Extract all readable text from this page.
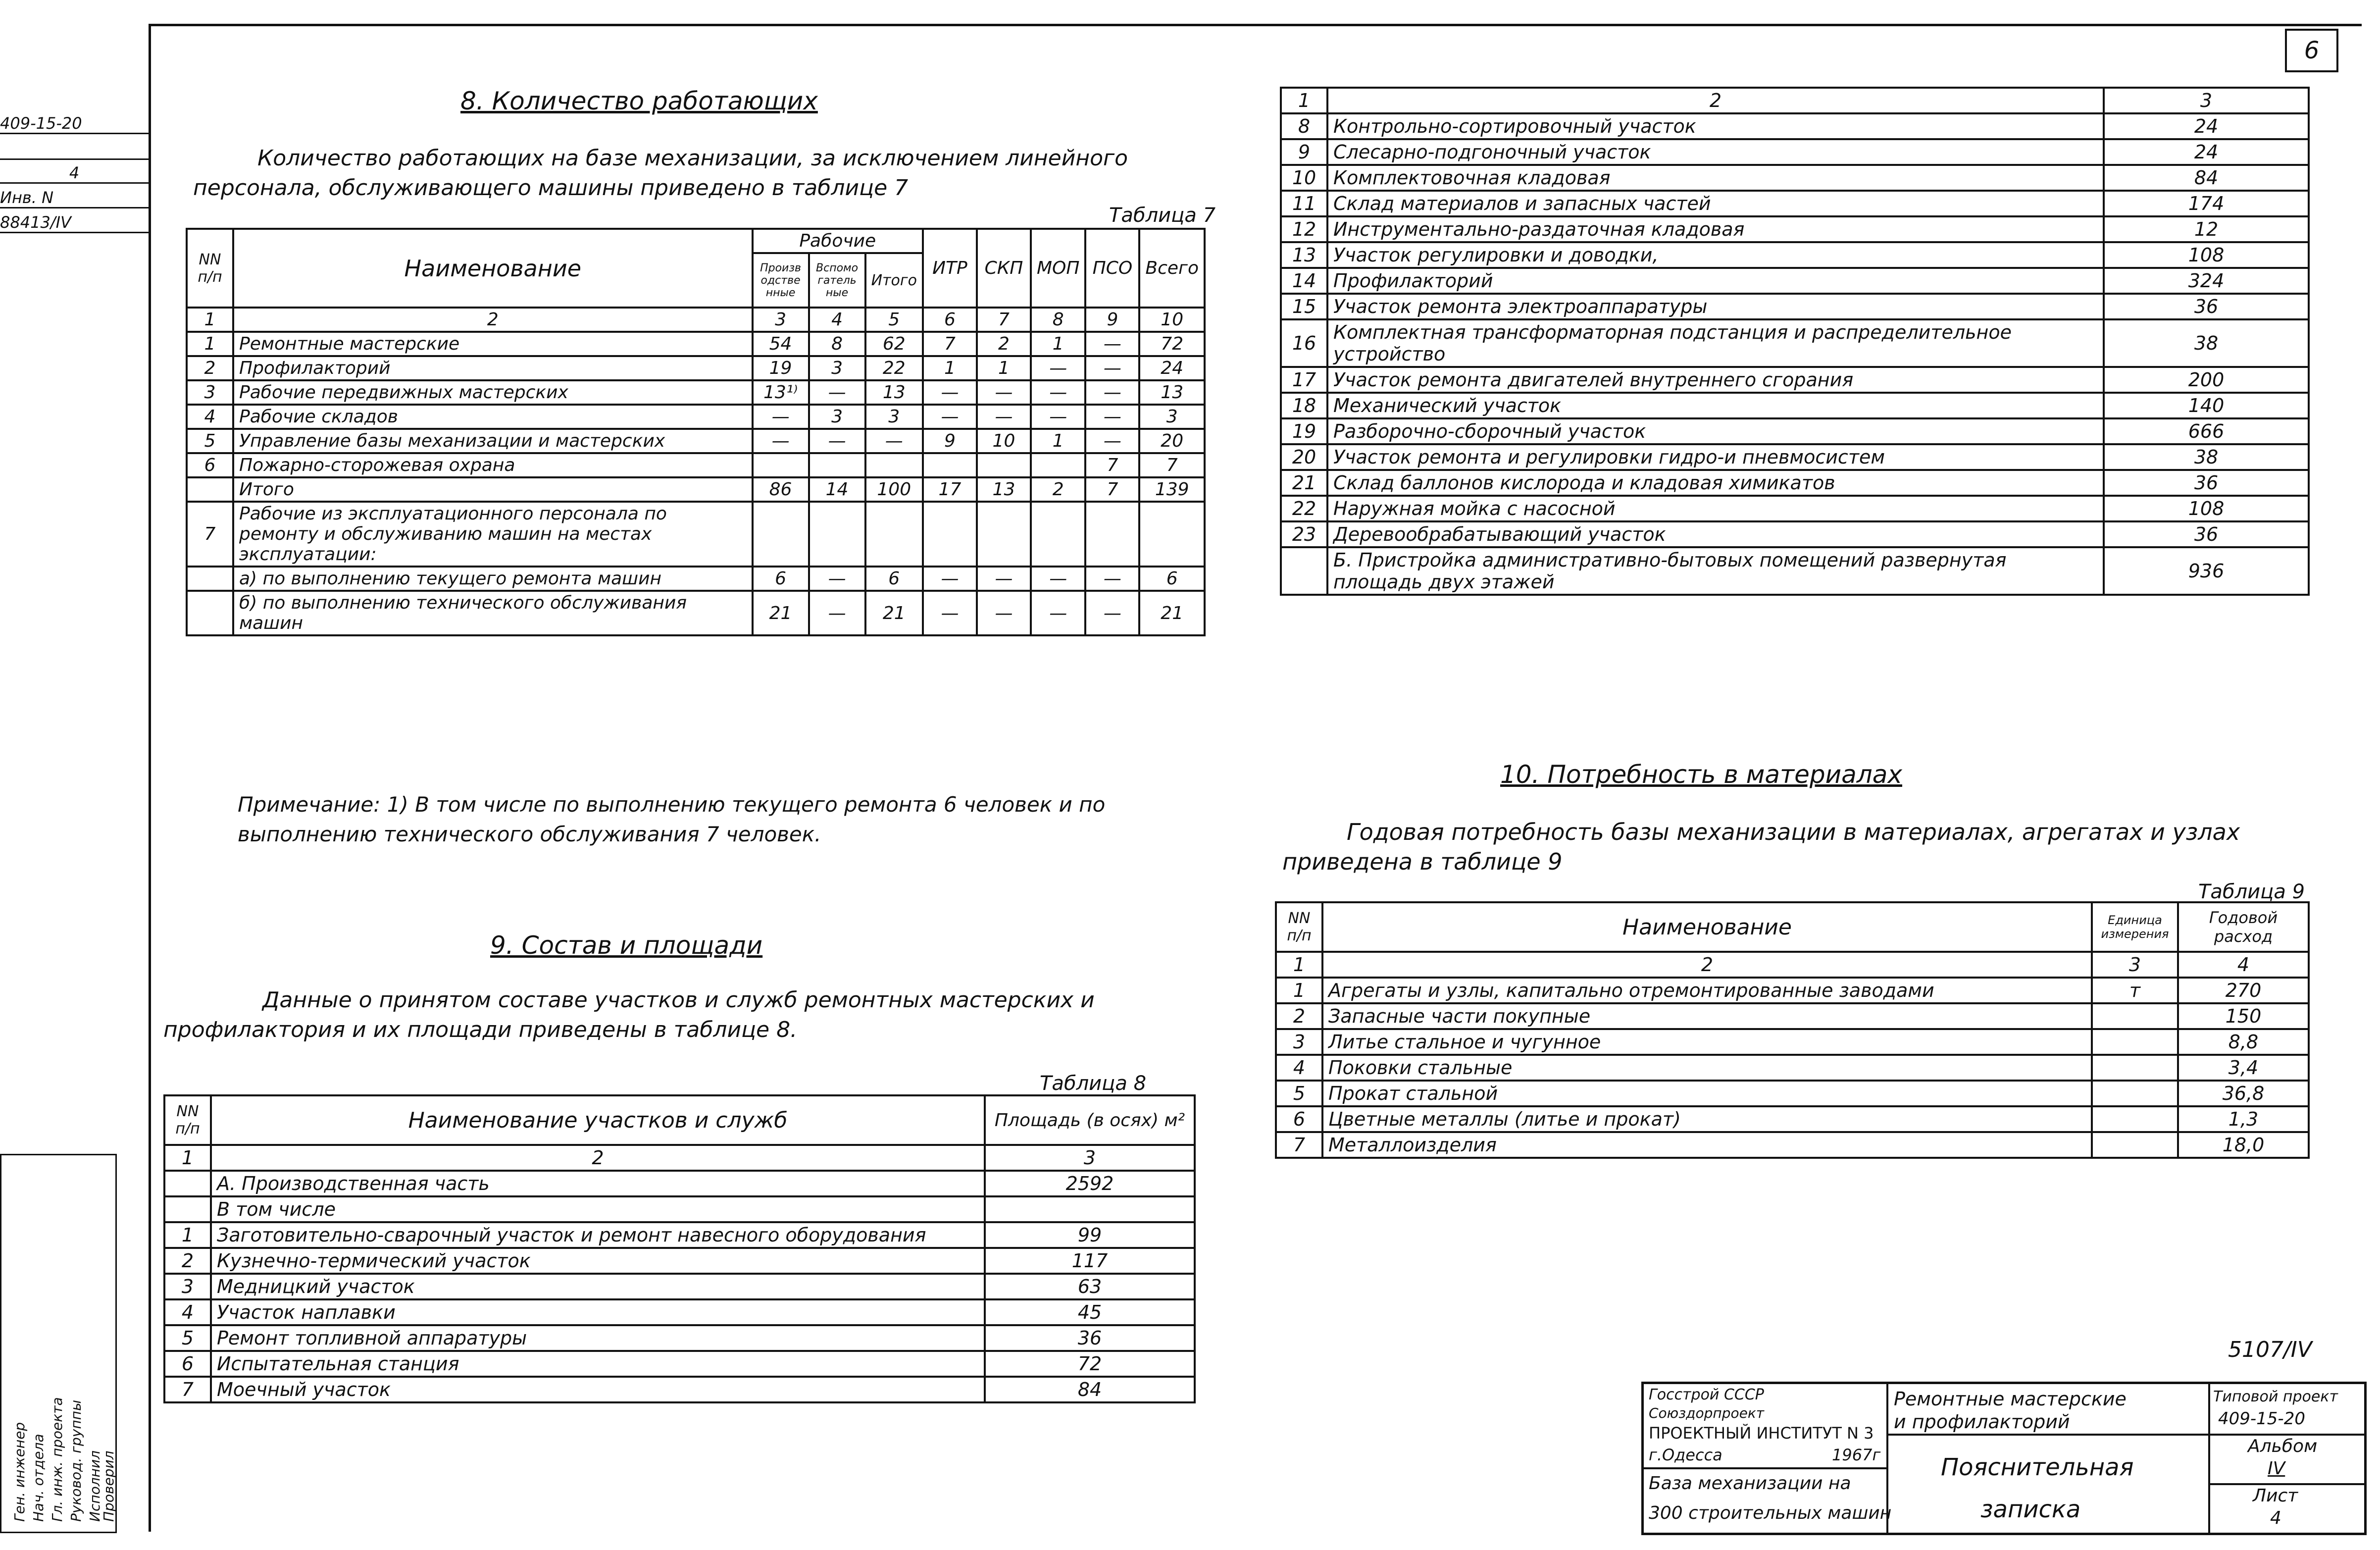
6
409-15-20
4
Инв. N
88413/IV
Ген. инженер Нач. отдела Гл. инж. проекта Руковод. группы Исполнил
Проверил
8. Количество работающих
Количество работающих на базе механизации, за исключением линейного персонала, обслуживающего машины приведено в таблице 7
Таблица 7
NN п/п	Наименование	Рабочие			ИТР	СКП	МОП	ПСО	Всего
		Производственные	Вспомогательные	Итого					
1	2	3	4	5	6	7	8	9	10
1	Ремонтные мастерские	54	8	62	7	2	1	—	72
2	Профилакторий	19	3	22	1	1	—	—	24
3	Рабочие передвижных мастерских	13¹⁾	—	13	—	—	—	—	13
4	Рабочие складов	—	3	3	—	—	—	—	3
5	Управление базы механизации и мастерских	—	—	—	9	10	1	—	20
6	Пожарно-сторожевая охрана							7	7
	Итого	86	14	100	17	13	2	7	139
7	Рабочие из эксплуатационного персонала по ремонту и обслуживанию машин на местах эксплуатации:								
	а) по выполнению текущего ремонта машин	6	—	6	—	—	—	—	6
	б) по выполнению технического обслуживания машин	21	—	21	—	—	—	—	21
Примечание: 1) В том числе по выполнению текущего ремонта 6 человек и по выполнению технического обслуживания 7 человек.
9. Состав и площади
Данные о принятом составе участков и служб ремонтных мастерских и профилактория и их площади приведены в таблице 8.
Таблица 8
NN п/п	Наименование участков и служб	Площадь (в осях) м²
1	2	3
	А. Производственная часть	2592
	В том числе	
1	Заготовительно-сварочный участок и ремонт навесного оборудования	99
2	Кузнечно-термический участок	117
3	Медницкий участок	63
4	Участок наплавки	45
5	Ремонт топливной аппаратуры	36
6	Испытательная станция	72
7	Моечный участок	84
1	2	3
8	Контрольно-сортировочный участок	24
9	Слесарно-подгоночный участок	24
10	Комплектовочная кладовая	84
11	Склад материалов и запасных частей	174
12	Инструментально-раздаточная кладовая	12
13	Участок регулировки и доводки,	108
14	Профилакторий	324
15	Участок ремонта электроаппаратуры	36
16	Комплектная трансформаторная подстанция и распределительное устройство	38
17	Участок ремонта двигателей внутреннего сгорания	200
18	Механический участок	140
19	Разборочно-сборочный участок	666
20	Участок ремонта и регулировки гидро-и пневмосистем	38
21	Склад баллонов кислорода и кладовая химикатов	36
22	Наружная мойка с насосной	108
23	Деревообрабатывающий участок	36
	Б. Пристройка административно-бытовых помещений развернутая площадь двух этажей	936
10. Потребность в материалах
Годовая потребность базы механизации в материалах, агрегатах и узлах приведена в таблице 9
Таблица 9
NN п/п	Наименование	Единица измерения	Годовой расход
1	2	3	4
1	Агрегаты и узлы, капитально отремонтированные заводами	т	270
2	Запасные части покупные		150
3	Литье стальное и чугунное		8,8
4	Поковки стальные		3,4
5	Прокат стальной		36,8
6	Цветные металлы (литье и прокат)		1,3
7	Металлоизделия		18,0
5107/IV
Госстрой СССР
Союздорпроект
ПРОЕКТНЫЙ ИНСТИТУТ N 3
г.Одесса	1967г
База механизации на
300 строительных машин
Ремонтные мастерские
и профилакторий
Пояснительная
записка
Типовой проект
409-15-20
Альбом
IV
Лист
4
